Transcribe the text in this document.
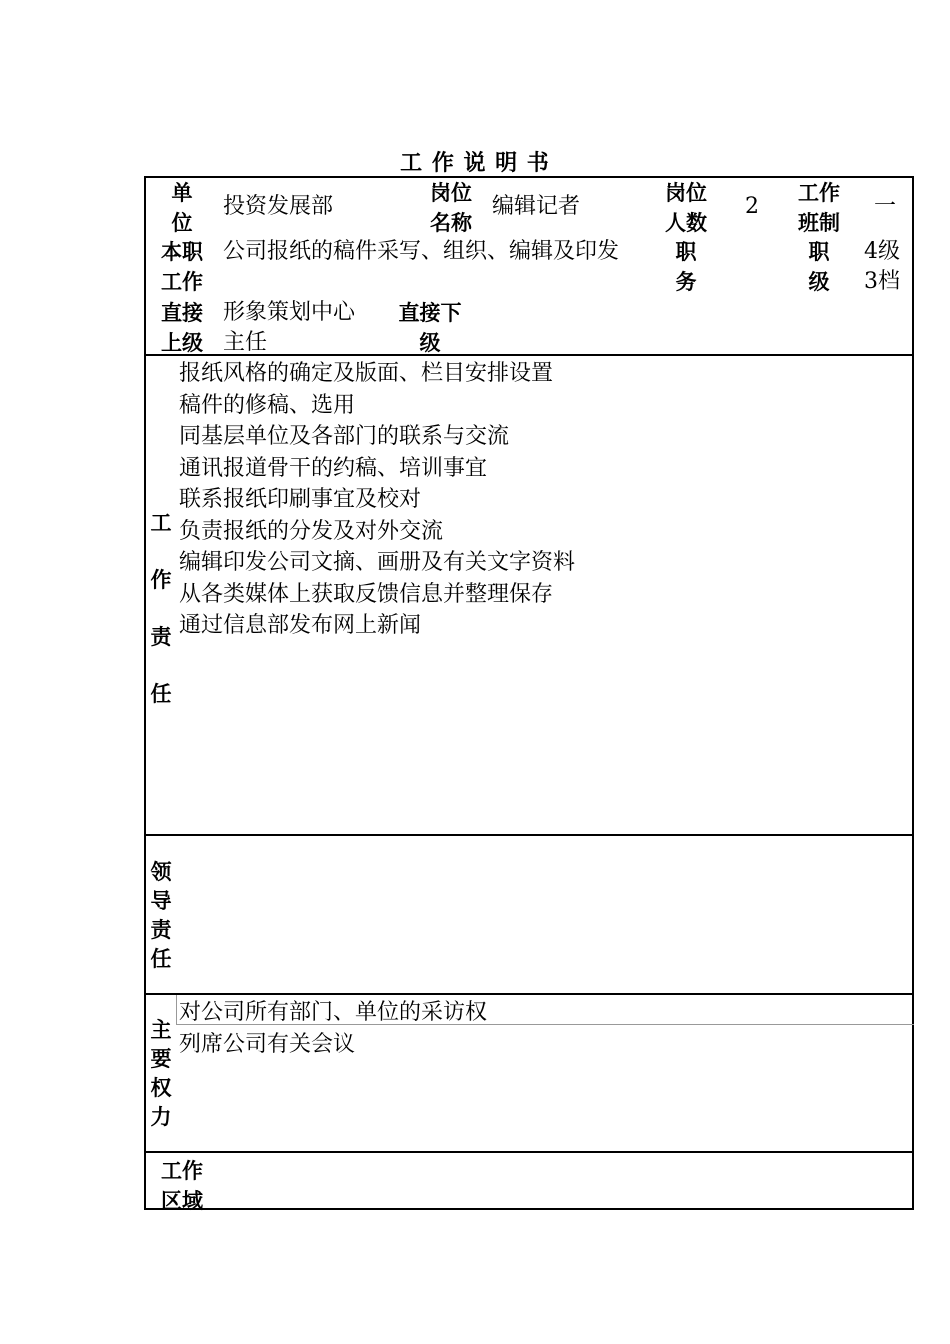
工 作 说 明 书
单位
投资发展部
岗位名称
编辑记者
岗位人数
2
工作班制
一
本职工作
公司报纸的稿件采写、组织、编辑及印发	职务
职级
4级
3档
直接上级
形象策划中心
主任
直接下级
工
作
责
任
报纸风格的确定及版面、栏目安排设置
稿件的修稿、选用
同基层单位及各部门的联系与交流
通讯报道骨干的约稿、培训事宜
联系报纸印刷事宜及校对
负责报纸的分发及对外交流
编辑印发公司文摘、画册及有关文字资料
从各类媒体上获取反馈信息并整理保存
通过信息部发布网上新闻
领
导
责
任
主
要
权
力
对公司所有部门、单位的采访权
列席公司有关会议
工作
区域
